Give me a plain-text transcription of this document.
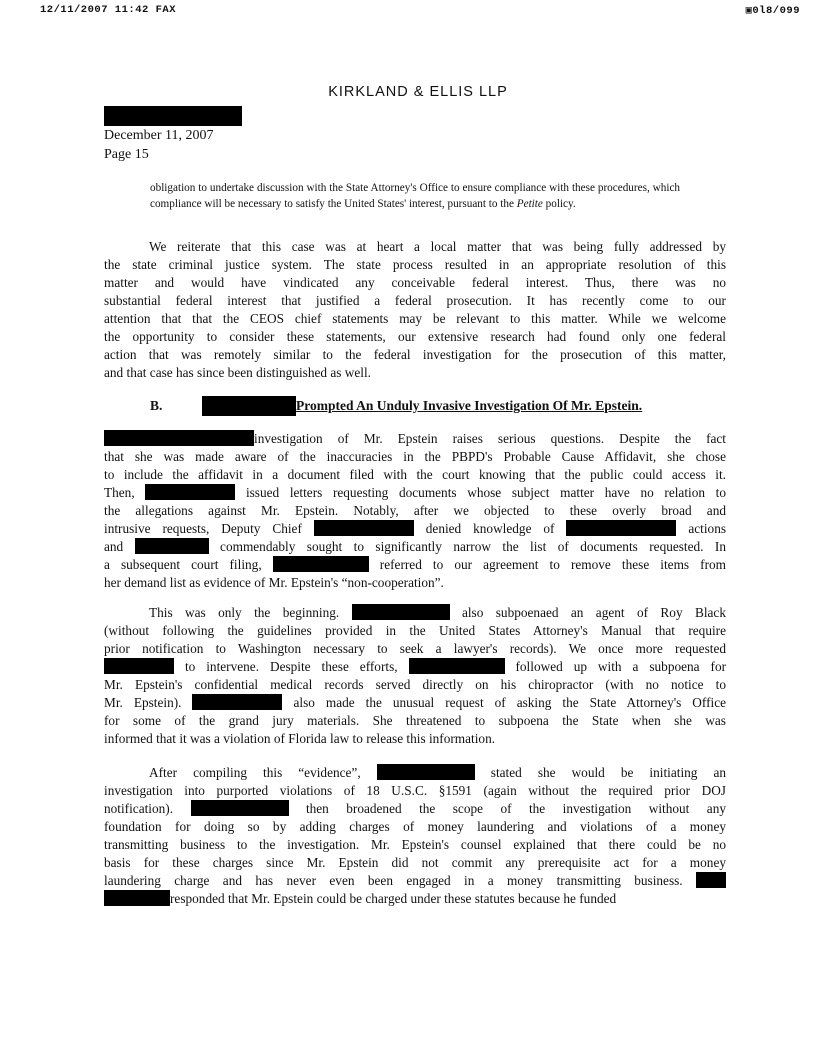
12/11/2007 11:42 FAX	▣0l8/099
KIRKLAND & ELLIS LLP
December 11, 2007
Page 15
obligation to undertake discussion with the State Attorney's Office to ensure compliance with these procedures, which compliance will be necessary to satisfy the United States' interest, pursuant to the Petite policy.
We reiterate that this case was at heart a local matter that was being fully addressed by
the state criminal justice system. The state process resulted in an appropriate resolution of this
matter and would have vindicated any conceivable federal interest. Thus, there was no
substantial federal interest that justified a federal prosecution. It has recently come to our
attention that that the CEOS chief statements may be relevant to this matter. While we welcome
the opportunity to consider these statements, our extensive research had found only one federal
action that was remotely similar to the federal investigation for the prosecution of this matter,
and that case has since been distinguished as well.
B.	Prompted An Unduly Invasive Investigation Of Mr. Epstein.
investigation of Mr. Epstein raises serious questions. Despite the fact
that she was made aware of the inaccuracies in the PBPD's Probable Cause Affidavit, she chose
to include the affidavit in a document filed with the court knowing that the public could access it.
Then,	issued letters requesting documents whose subject matter have no relation to
the allegations against Mr. Epstein. Notably, after we objected to these overly broad and
intrusive requests, Deputy Chief	denied knowledge of	actions
and	commendably sought to significantly narrow the list of documents requested. In
a subsequent court filing,	referred to our agreement to remove these items from
her demand list as evidence of Mr. Epstein's “non-cooperation”.
This was only the beginning.	also subpoenaed an agent of Roy Black
(without following the guidelines provided in the United States Attorney's Manual that require
prior notification to Washington necessary to seek a lawyer's records). We once more requested
to intervene. Despite these efforts,	followed up with a subpoena for
Mr. Epstein's confidential medical records served directly on his chiropractor (with no notice to
Mr. Epstein).	also made the unusual request of asking the State Attorney's Office
for some of the grand jury materials. She threatened to subpoena the State when she was
informed that it was a violation of Florida law to release this information.
After compiling this “evidence”,	stated she would be initiating an
investigation into purported violations of 18 U.S.C. §1591 (again without the required prior DOJ
notification).	then broadened the scope of the investigation without any
foundation for doing so by adding charges of money laundering and violations of a money
transmitting business to the investigation. Mr. Epstein's counsel explained that there could be no
basis for these charges since Mr. Epstein did not commit any prerequisite act for a money
laundering charge and has never even been engaged in a money transmitting business.
responded that Mr. Epstein could be charged under these statutes because he funded
